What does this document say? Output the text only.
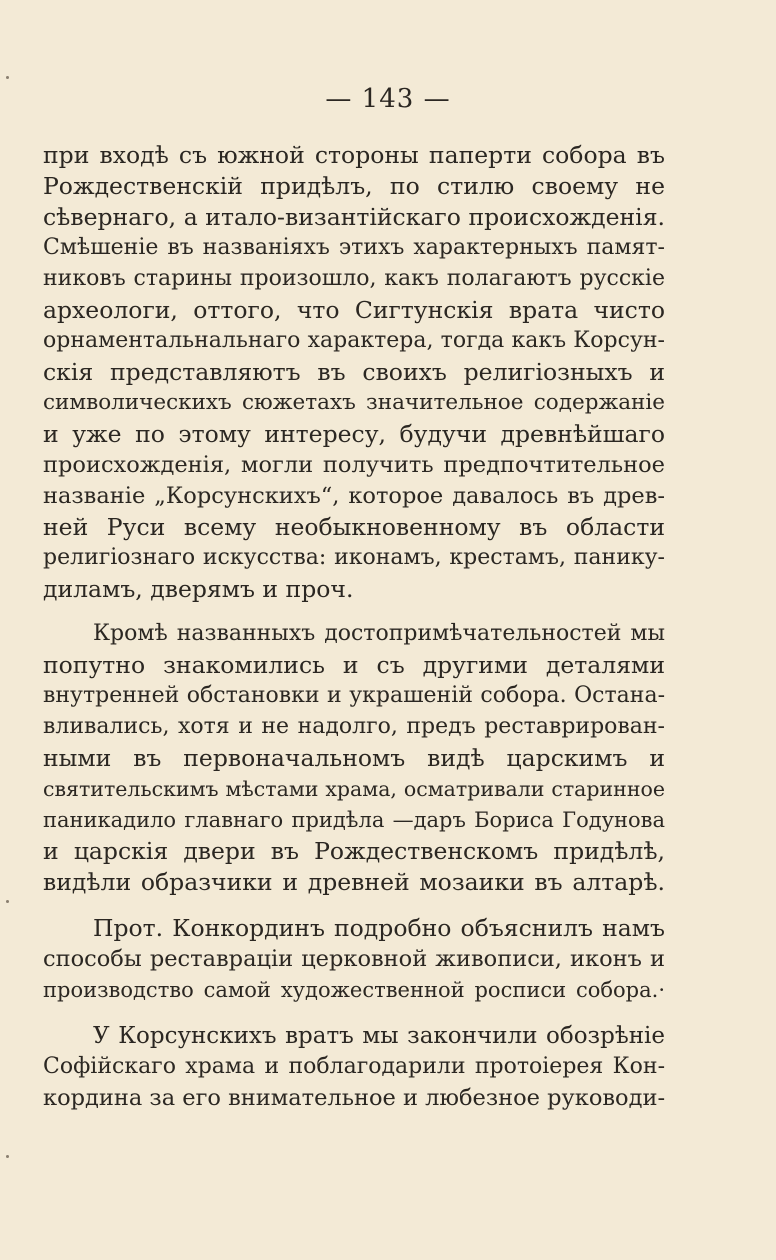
— 143 —
при входѣ съ южной стороны паперти собора въ
Рождественскій придѣлъ, по стилю своему не
сѣвернаго, а итало-византійскаго происхожденія.
Смѣшеніе въ названіяхъ этихъ характерныхъ памят-
никовъ старины произошло, какъ полагаютъ русскіе
археологи, оттого, что Сигтунскія врата чисто
орнаментальнальнаго характера, тогда какъ Корсун-
скія представляютъ въ своихъ религіозныхъ и
символическихъ сюжетахъ значительное содержаніе
и уже по этому интересу, будучи древнѣйшаго
происхожденія, могли получить предпочтительное
названіе „Корсунскихъ“, которое давалось въ древ-
ней Руси всему необыкновенному въ области
религіознаго искусства: иконамъ, крестамъ, панику-
диламъ, дверямъ и проч.
Кромѣ названныхъ достопримѣчательностей мы
попутно знакомились и съ другими деталями
внутренней обстановки и украшеній собора. Остана-
вливались, хотя и не надолго, предъ реставрирован-
ными въ первоначальномъ видѣ царскимъ и
святительскимъ мѣстами храма, осматривали старинное
паникадило главнаго придѣла —даръ Бориса Годунова
и царскія двери въ Рождественскомъ придѣлѣ,
видѣли образчики и древней мозаики въ алтарѣ.
Прот. Конкординъ подробно объяснилъ намъ
способы реставраціи церковной живописи, иконъ и
производство самой художественной росписи собора.·
У Корсунскихъ вратъ мы закончили обозрѣніе
Софійскаго храма и поблагодарили протоіерея Кон-
кордина за его внимательное и любезное руководи-
